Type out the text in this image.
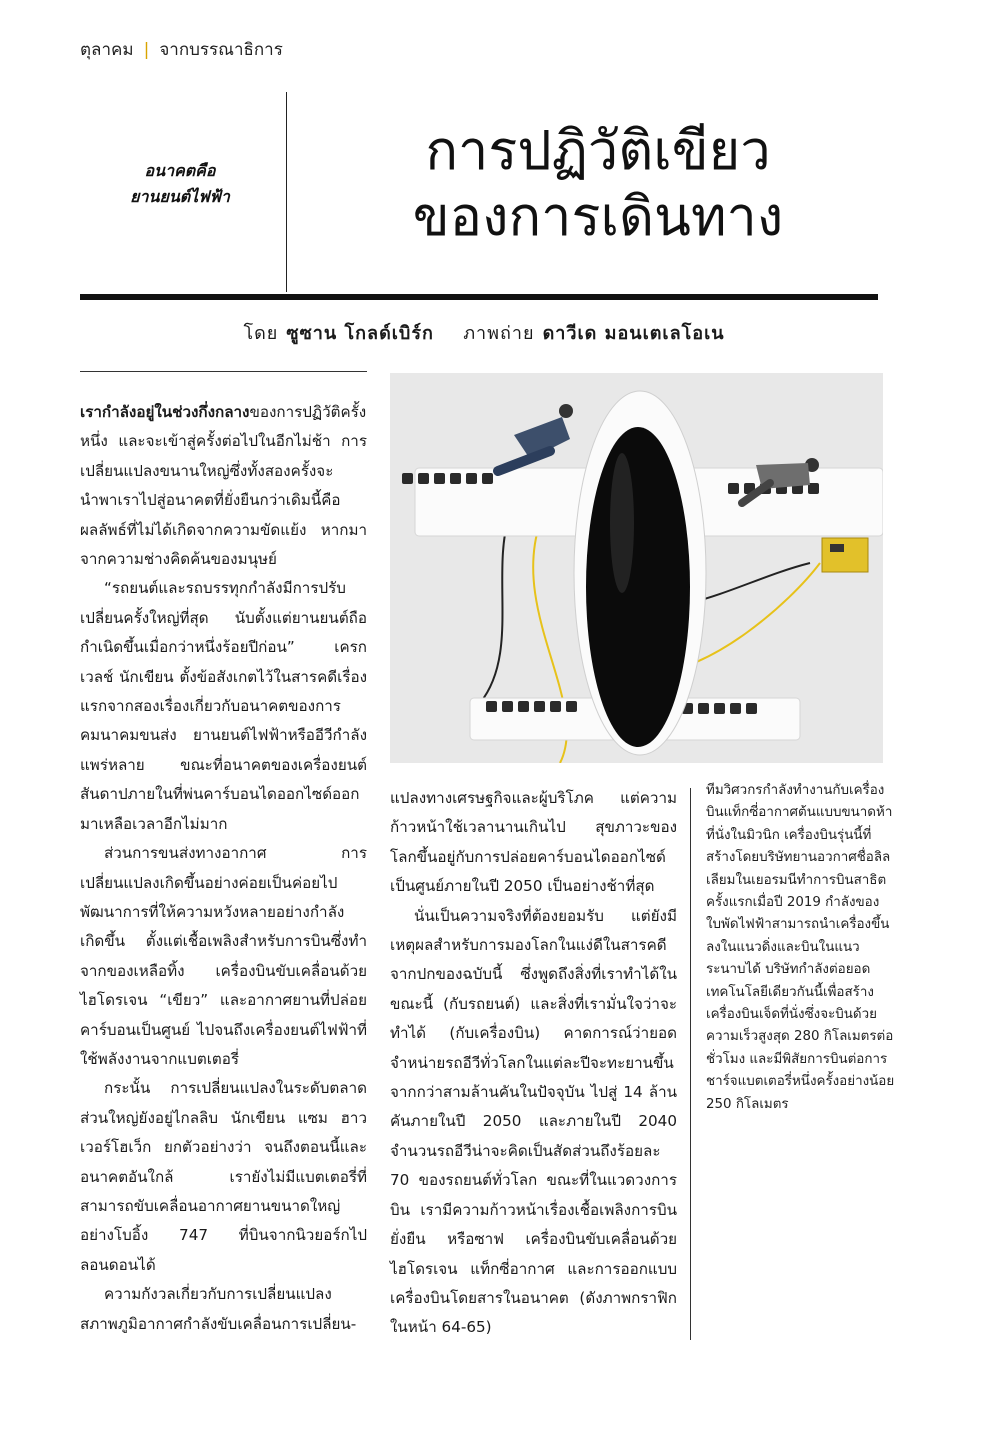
ตุลาคม | จากบรรณาธิการ
อนาคตคือ
ยานยนต์ไฟฟ้า
การปฏิวัติเขียว
ของการเดินทาง
โดย ซูซาน โกลด์เบิร์ก ภาพถ่าย ดาวีเด มอนเตเลโอเน

เรากำลังอยู่ในช่วงกึ่งกลางของการปฏิวัติครั้งหนึ่ง และจะเข้าสู่ครั้งต่อไปในอีกไม่ช้า การเปลี่ยนแปลงขนานใหญ่ซึ่งทั้งสองครั้งจะนำพาเราไปสู่อนาคตที่ยั่งยืนกว่าเดิมนี้คือผลลัพธ์ที่ไม่ได้เกิดจากความขัดแย้ง หากมาจากความช่างคิดค้นของมนุษย์

“รถยนต์และรถบรรทุกกำลังมีการปรับเปลี่ยนครั้งใหญ่ที่สุด นับตั้งแต่ยานยนต์ถือกำเนิดขึ้นเมื่อกว่าหนึ่งร้อยปีก่อน” เครก เวลช์ นักเขียน ตั้งข้อสังเกตไว้ในสารคดีเรื่องแรกจากสองเรื่องเกี่ยวกับอนาคตของการคมนาคมขนส่ง ยานยนต์ไฟฟ้าหรืออีวีกำลังแพร่หลาย ขณะที่อนาคตของเครื่องยนต์สันดาปภายในที่พ่นคาร์บอนไดออกไซด์ออกมาเหลือเวลาอีกไม่มาก

ส่วนการขนส่งทางอากาศ การเปลี่ยนแปลงเกิดขึ้นอย่างค่อยเป็นค่อยไป พัฒนาการที่ให้ความหวังหลายอย่างกำลังเกิดขึ้น ตั้งแต่เชื้อเพลิงสำหรับการบินซึ่งทำจากของเหลือทิ้ง เครื่องบินขับเคลื่อนด้วยไฮโดรเจน “เขียว” และอากาศยานที่ปล่อยคาร์บอนเป็นศูนย์ ไปจนถึงเครื่องยนต์ไฟฟ้าที่ใช้พลังงานจากแบตเตอรี่

กระนั้น การเปลี่ยนแปลงในระดับตลาดส่วนใหญ่ยังอยู่ไกลลิบ นักเขียน แซม ฮาวเวอร์โฮเว็ก ยกตัวอย่างว่า จนถึงตอนนี้และอนาคตอันใกล้ เรายังไม่มีแบตเตอรี่ที่สามารถขับเคลื่อนอากาศยานขนาดใหญ่อย่างโบอิ้ง 747 ที่บินจากนิวยอร์กไปลอนดอนได้

ความกังวลเกี่ยวกับการเปลี่ยนแปลงสภาพภูมิอากาศกำลังขับเคลื่อนการเปลี่ยน-

แปลงทางเศรษฐกิจและผู้บริโภค แต่ความก้าวหน้าใช้เวลานานเกินไป สุขภาวะของโลกขึ้นอยู่กับการปล่อยคาร์บอนไดออกไซด์เป็นศูนย์ภายในปี 2050 เป็นอย่างช้าที่สุด

นั่นเป็นความจริงที่ต้องยอมรับ แต่ยังมีเหตุผลสำหรับการมองโลกในแง่ดีในสารคดีจากปกของฉบับนี้ ซึ่งพูดถึงสิ่งที่เราทำได้ในขณะนี้ (กับรถยนต์) และสิ่งที่เรามั่นใจว่าจะทำได้ (กับเครื่องบิน) คาดการณ์ว่ายอดจำหน่ายรถอีวีทั่วโลกในแต่ละปีจะทะยานขึ้นจากกว่าสามล้านคันในปัจจุบัน ไปสู่ 14 ล้านคันภายในปี 2050 และภายในปี 2040 จำนวนรถอีวีน่าจะคิดเป็นสัดส่วนถึงร้อยละ 70 ของรถยนต์ทั่วโลก ขณะที่ในแวดวงการบิน เรามีความก้าวหน้าเรื่องเชื้อเพลิงการบินยั่งยืน หรือซาฟ เครื่องบินขับเคลื่อนด้วยไฮโดรเจน แท็กซี่อากาศ และการออกแบบเครื่องบินโดยสารในอนาคต (ดังภาพกราฟิกในหน้า 64-65)

ทีมวิศวกรกำลังทำงานกับเครื่องบินแท็กซี่อากาศต้นแบบขนาดห้าที่นั่งในมิวนิก เครื่องบินรุ่นนี้ที่สร้างโดยบริษัทยานอวกาศชื่อลิลเลียมในเยอรมนีทำการบินสาธิตครั้งแรกเมื่อปี 2019 กำลังของใบพัดไฟฟ้าสามารถนำเครื่องขึ้นลงในแนวดิ่งและบินในแนวระนาบได้ บริษัทกำลังต่อยอดเทคโนโลยีเดียวกันนี้เพื่อสร้างเครื่องบินเจ็ดที่นั่งซึ่งจะบินด้วยความเร็วสูงสุด 280 กิโลเมตรต่อชั่วโมง และมีพิสัยการบินต่อการชาร์จแบตเตอรี่หนึ่งครั้งอย่างน้อย 250 กิโลเมตร
